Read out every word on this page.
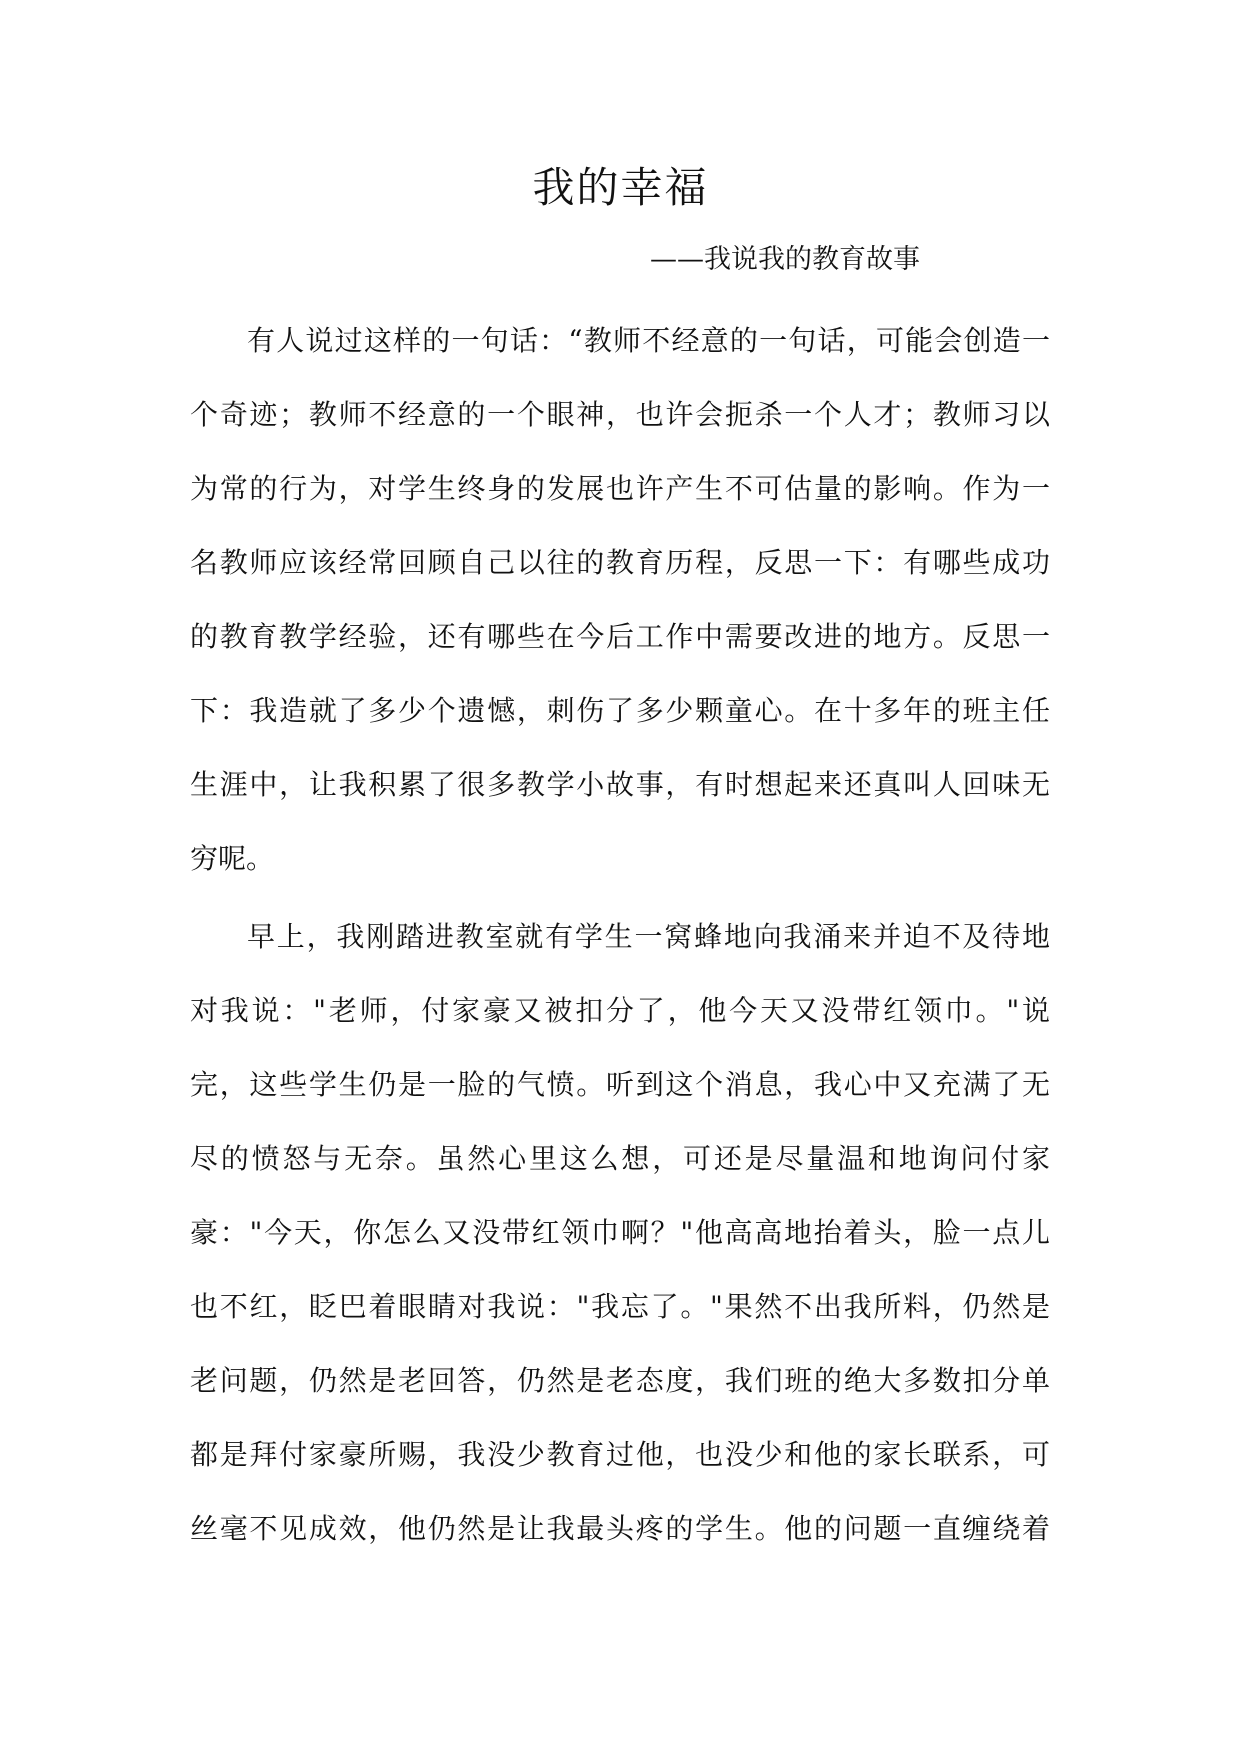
我的幸福

——我说我的教育故事

有人说过这样的一句话：“教师不经意的一句话，可能会创造一
个奇迹；教师不经意的一个眼神，也许会扼杀一个人才；教师习以
为常的行为，对学生终身的发展也许产生不可估量的影响。作为一
名教师应该经常回顾自己以往的教育历程，反思一下：有哪些成功
的教育教学经验，还有哪些在今后工作中需要改进的地方。反思一
下：我造就了多少个遗憾，刺伤了多少颗童心。在十多年的班主任
生涯中，让我积累了很多教学小故事，有时想起来还真叫人回味无
穷呢。
早上，我刚踏进教室就有学生一窝蜂地向我涌来并迫不及待地
对我说："老师，付家豪又被扣分了，他今天又没带红领巾。"说
完，这些学生仍是一脸的气愤。听到这个消息，我心中又充满了无
尽的愤怒与无奈。虽然心里这么想，可还是尽量温和地询问付家
豪："今天，你怎么又没带红领巾啊？"他高高地抬着头，脸一点儿
也不红，眨巴着眼睛对我说："我忘了。"果然不出我所料，仍然是
老问题，仍然是老回答，仍然是老态度，我们班的绝大多数扣分单
都是拜付家豪所赐，我没少教育过他，也没少和他的家长联系，可
丝毫不见成效，他仍然是让我最头疼的学生。他的问题一直缠绕着
